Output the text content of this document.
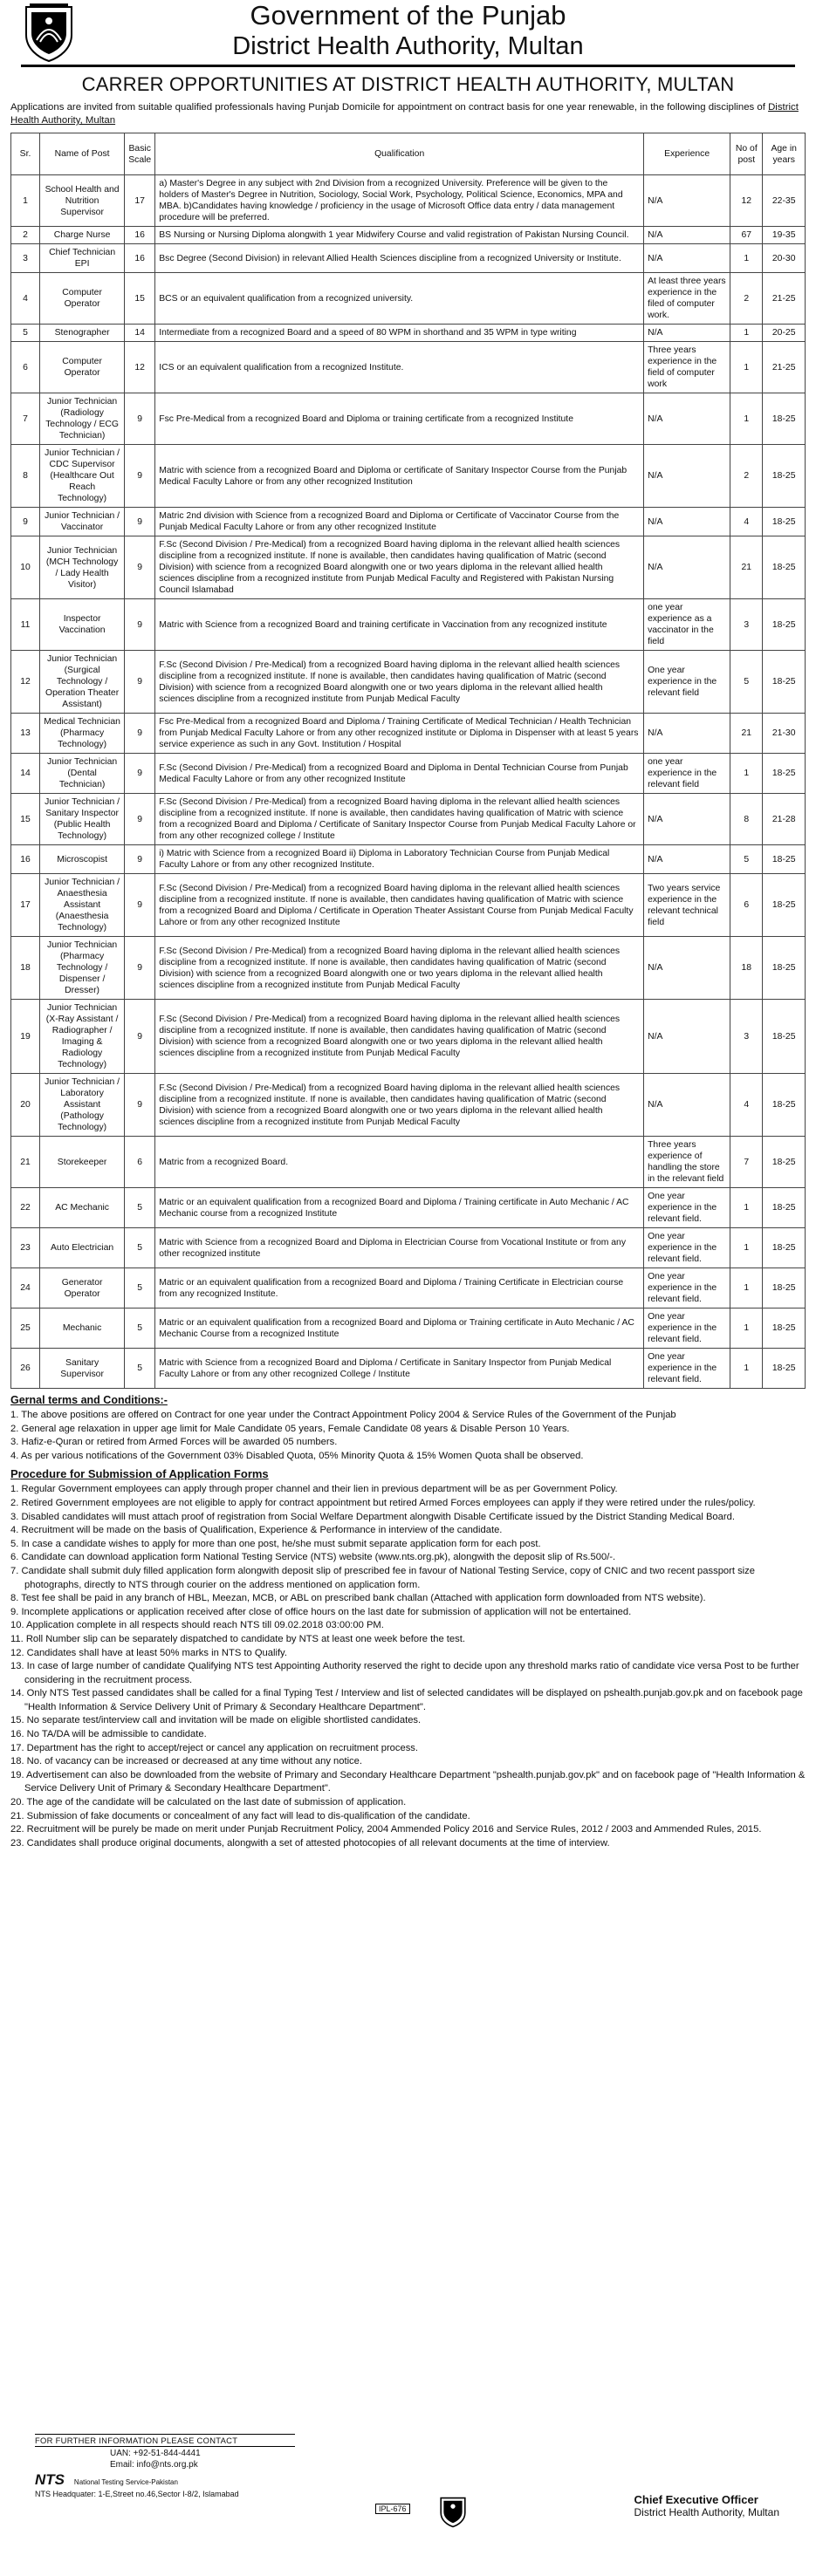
Government of the Punjab
District Health Authority, Multan
CARRER OPPORTUNITIES AT DISTRICT HEALTH AUTHORITY, MULTAN
Applications are invited from suitable qualified professionals having Punjab Domicile for appointment on contract basis for one year renewable, in the following disciplines of District Health Authority, Multan
Sr.	Name of Post	Basic Scale	Qualification	Experience	No of post	Age in years
1	School Health and Nutrition Supervisor	17	a) Master's Degree in any subject with 2nd Division from a recognized University. Preference will be given to the holders of Master's Degree in Nutrition, Sociology, Social Work, Psychology, Political Science, Economics, MPA and MBA. b)Candidates having knowledge / proficiency in the usage of Microsoft Office data entry / data management procedure will be preferred.	N/A	12	22-35
2	Charge Nurse	16	BS Nursing or Nursing Diploma alongwith 1 year Midwifery Course and valid registration of Pakistan Nursing Council.	N/A	67	19-35
3	Chief Technician EPI	16	Bsc Degree (Second Division) in relevant Allied Health Sciences discipline from a recognized University or Institute.	N/A	1	20-30
4	Computer Operator	15	BCS or an equivalent qualification from a recognized university.	At least three years experience in the filed of computer work.	2	21-25
5	Stenographer	14	Intermediate from a recognized Board and a speed of 80 WPM in shorthand and 35 WPM in type writing	N/A	1	20-25
6	Computer Operator	12	ICS or an equivalent qualification from a recognized Institute.	Three years experience in the field of computer work	1	21-25
7	Junior Technician (Radiology Technology / ECG Technician)	9	Fsc Pre-Medical from a recognized Board and Diploma or training certificate from a recognized Institute	N/A	1	18-25
8	Junior Technician / CDC Supervisor (Healthcare Out Reach Technology)	9	Matric with science from a recognized Board and Diploma or certificate of Sanitary Inspector Course from the Punjab Medical Faculty Lahore or from any other recognized Institution	N/A	2	18-25
9	Junior Technician / Vaccinator	9	Matric 2nd division with Science from a recognized Board and Diploma or Certificate of Vaccinator Course from the Punjab Medical Faculty Lahore or from any other recognized Institute	N/A	4	18-25
10	Junior Technician (MCH Technology / Lady Health Visitor)	9	F.Sc (Second Division / Pre-Medical) from a recognized Board having diploma in the relevant allied health sciences discipline from a recognized institute. If none is available, then candidates having qualification of Matric (second Division) with science from a recognized Board alongwith one or two years diploma in the relevant allied health sciences discipline from a recognized institute from Punjab Medical Faculty and Registered with Pakistan Nursing Council Islamabad	N/A	21	18-25
11	Inspector Vaccination	9	Matric with Science from a recognized Board and training certificate in Vaccination from any recognized institute	one year experience as a vaccinator in the field	3	18-25
12	Junior Technician (Surgical Technology / Operation Theater Assistant)	9	F.Sc (Second Division / Pre-Medical) from a recognized Board having diploma in the relevant allied health sciences discipline from a recognized institute. If none is available, then candidates having qualification of Matric (second Division) with science from a recognized Board alongwith one or two years diploma in the relevant allied health sciences discipline from a recognized institute from Punjab Medical Faculty	One year experience in the relevant field	5	18-25
13	Medical Technician (Pharmacy Technology)	9	Fsc Pre-Medical from a recognized Board and Diploma / Training Certificate of Medical Technician / Health Technician from Punjab Medical Faculty Lahore or from any other recognized institute or Diploma in Dispenser with at least 5 years service experience as such in any Govt. Institution / Hospital	N/A	21	21-30
14	Junior Technician (Dental Technician)	9	F.Sc (Second Division / Pre-Medical) from a recognized Board and Diploma in Dental Technician Course from Punjab Medical Faculty Lahore or from any other recognized Institute	one year experience in the relevant field	1	18-25
15	Junior Technician / Sanitary Inspector (Public Health Technology)	9	F.Sc (Second Division / Pre-Medical) from a recognized Board having diploma in the relevant allied health sciences discipline from a recognized institute. If none is available, then candidates having qualification of Matric with science from a recognized Board and Diploma / Certificate of Sanitary Inspector Course from Punjab Medical Faculty Lahore or from any other recognized college / Institute	N/A	8	21-28
16	Microscopist	9	i) Matric with Science from a recognized Board ii) Diploma in Laboratory Technician Course from Punjab Medical Faculty Lahore or from any other recognized Institute.	N/A	5	18-25
17	Junior Technician / Anaesthesia Assistant (Anaesthesia Technology)	9	F.Sc (Second Division / Pre-Medical) from a recognized Board having diploma in the relevant allied health sciences discipline from a recognized institute. If none is available, then candidates having qualification of Matric with science from a recognized Board and Diploma / Certificate in Operation Theater Assistant Course from Punjab Medical Faculty Lahore or from any other recognized Institute	Two years service experience in the relevant technical field	6	18-25
18	Junior Technician (Pharmacy Technology / Dispenser / Dresser)	9	F.Sc (Second Division / Pre-Medical) from a recognized Board having diploma in the relevant allied health sciences discipline from a recognized institute. If none is available, then candidates having qualification of Matric (second Division) with science from a recognized Board alongwith one or two years diploma in the relevant allied health sciences discipline from a recognized institute from Punjab Medical Faculty	N/A	18	18-25
19	Junior Technician (X-Ray Assistant / Radiographer / Imaging & Radiology Technology)	9	F.Sc (Second Division / Pre-Medical) from a recognized Board having diploma in the relevant allied health sciences discipline from a recognized institute. If none is available, then candidates having qualification of Matric (second Division) with science from a recognized Board alongwith one or two years diploma in the relevant allied health sciences discipline from a recognized institute from Punjab Medical Faculty	N/A	3	18-25
20	Junior Technician / Laboratory Assistant (Pathology Technology)	9	F.Sc (Second Division / Pre-Medical) from a recognized Board having diploma in the relevant allied health sciences discipline from a recognized institute. If none is available, then candidates having qualification of Matric (second Division) with science from a recognized Board alongwith one or two years diploma in the relevant allied health sciences discipline from a recognized institute from Punjab Medical Faculty	N/A	4	18-25
21	Storekeeper	6	Matric from a recognized Board.	Three years experience of handling the store in the relevant field	7	18-25
22	AC Mechanic	5	Matric or an equivalent qualification from a recognized Board and Diploma / Training certificate in Auto Mechanic / AC Mechanic course from a recognized Institute	One year experience in the relevant field.	1	18-25
23	Auto Electrician	5	Matric with Science from a recognized Board and Diploma in Electrician Course from Vocational Institute or from any other recognized institute	One year experience in the relevant field.	1	18-25
24	Generator Operator	5	Matric or an equivalent qualification from a recognized Board and Diploma / Training Certificate in Electrician course from any recognized Institute.	One year experience in the relevant field.	1	18-25
25	Mechanic	5	Matric or an equivalent qualification from a recognized Board and Diploma or Training certificate in Auto Mechanic / AC Mechanic Course from a recognized Institute	One year experience in the relevant field.	1	18-25
26	Sanitary Supervisor	5	Matric with Science from a recognized Board and Diploma / Certificate in Sanitary Inspector from Punjab Medical Faculty Lahore or from any other recognized College / Institute	One year experience in the relevant field.	1	18-25
Gernal terms and Conditions:-
1. The above positions are offered on Contract for one year under the Contract Appointment Policy 2004 & Service Rules of the Government of the Punjab
2. General age relaxation in upper age limit for Male Candidate 05 years, Female Candidate 08 years & Disable Person 10 Years.
3. Hafiz-e-Quran or retired from Armed Forces will be awarded 05 numbers.
4. As per various notifications of the Government 03% Disabled Quota, 05% Minority Quota & 15% Women Quota shall be observed.
Procedure for Submission of Application Forms
1. Regular Government employees can apply through proper channel and their lien in previous department will be as per Government Policy.
2. Retired Government employees are not eligible to apply for contract appointment but retired Armed Forces employees can apply if they were retired under the rules/policy.
3. Disabled candidates will must attach proof of registration from Social Welfare Department alongwith Disable Certificate issued by the District Standing Medical Board.
4. Recruitment will be made on the basis of Qualification, Experience & Performance in interview of the candidate.
5. In case a candidate wishes to apply for more than one post, he/she must submit separate application form for each post.
6. Candidate can download application form National Testing Service (NTS) website (www.nts.org.pk), alongwith the deposit slip of Rs.500/-.
7. Candidate shall submit duly filled application form alongwith deposit slip of prescribed fee in favour of National Testing Service, copy of CNIC and two recent passport size photographs, directly to NTS through courier on the address mentioned on application form.
8. Test fee shall be paid in any branch of HBL, Meezan, MCB, or ABL on prescribed bank challan (Attached with application form downloaded from NTS website).
9. Incomplete applications or application received after close of office hours on the last date for submission of application will not be entertained.
10. Application complete in all respects should reach NTS till 09.02.2018 03:00:00 PM.
11. Roll Number slip can be separately dispatched to candidate by NTS at least one week before the test.
12. Candidates shall have at least 50% marks in NTS to Qualify.
13. In case of large number of candidate Qualifying NTS test Appointing Authority reserved the right to decide upon any threshold marks ratio of candidate vice versa Post to be further considering in the recruitment process.
14. Only NTS Test passed candidates shall be called for a final Typing Test / Interview and list of selected candidates will be displayed on pshealth.punjab.gov.pk and on facebook page "Health Information & Service Delivery Unit of Primary & Secondary Healthcare Department".
15. No separate test/interview call and invitation will be made on eligible shortlisted candidates.
16. No TA/DA will be admissible to candidate.
17. Department has the right to accept/reject or cancel any application on recruitment process.
18. No. of vacancy can be increased or decreased at any time without any notice.
19. Advertisement can also be downloaded from the website of Primary and Secondary Healthcare Department "pshealth.punjab.gov.pk" and on facebook page of "Health Information & Service Delivery Unit of Primary & Secondary Healthcare Department".
20. The age of the candidate will be calculated on the last date of submission of application.
21. Submission of fake documents or concealment of any fact will lead to dis-qualification of the candidate.
22. Recruitment will be purely be made on merit under Punjab Recruitment Policy, 2004 Ammended Policy 2016 and Service Rules, 2012 / 2003 and Ammended Rules, 2015.
23. Candidates shall produce original documents, alongwith a set of attested photocopies of all relevant documents at the time of interview.
FOR FURTHER INFORMATION PLEASE CONTACT
UAN: +92-51-844-4441
Email: info@nts.org.pk
NTS National Testing Service-Pakistan
NTS Headquater: 1-E,Street no.46,Sector I-8/2, Islamabad
IPL-676
Chief Executive Officer
District Health Authority, Multan
